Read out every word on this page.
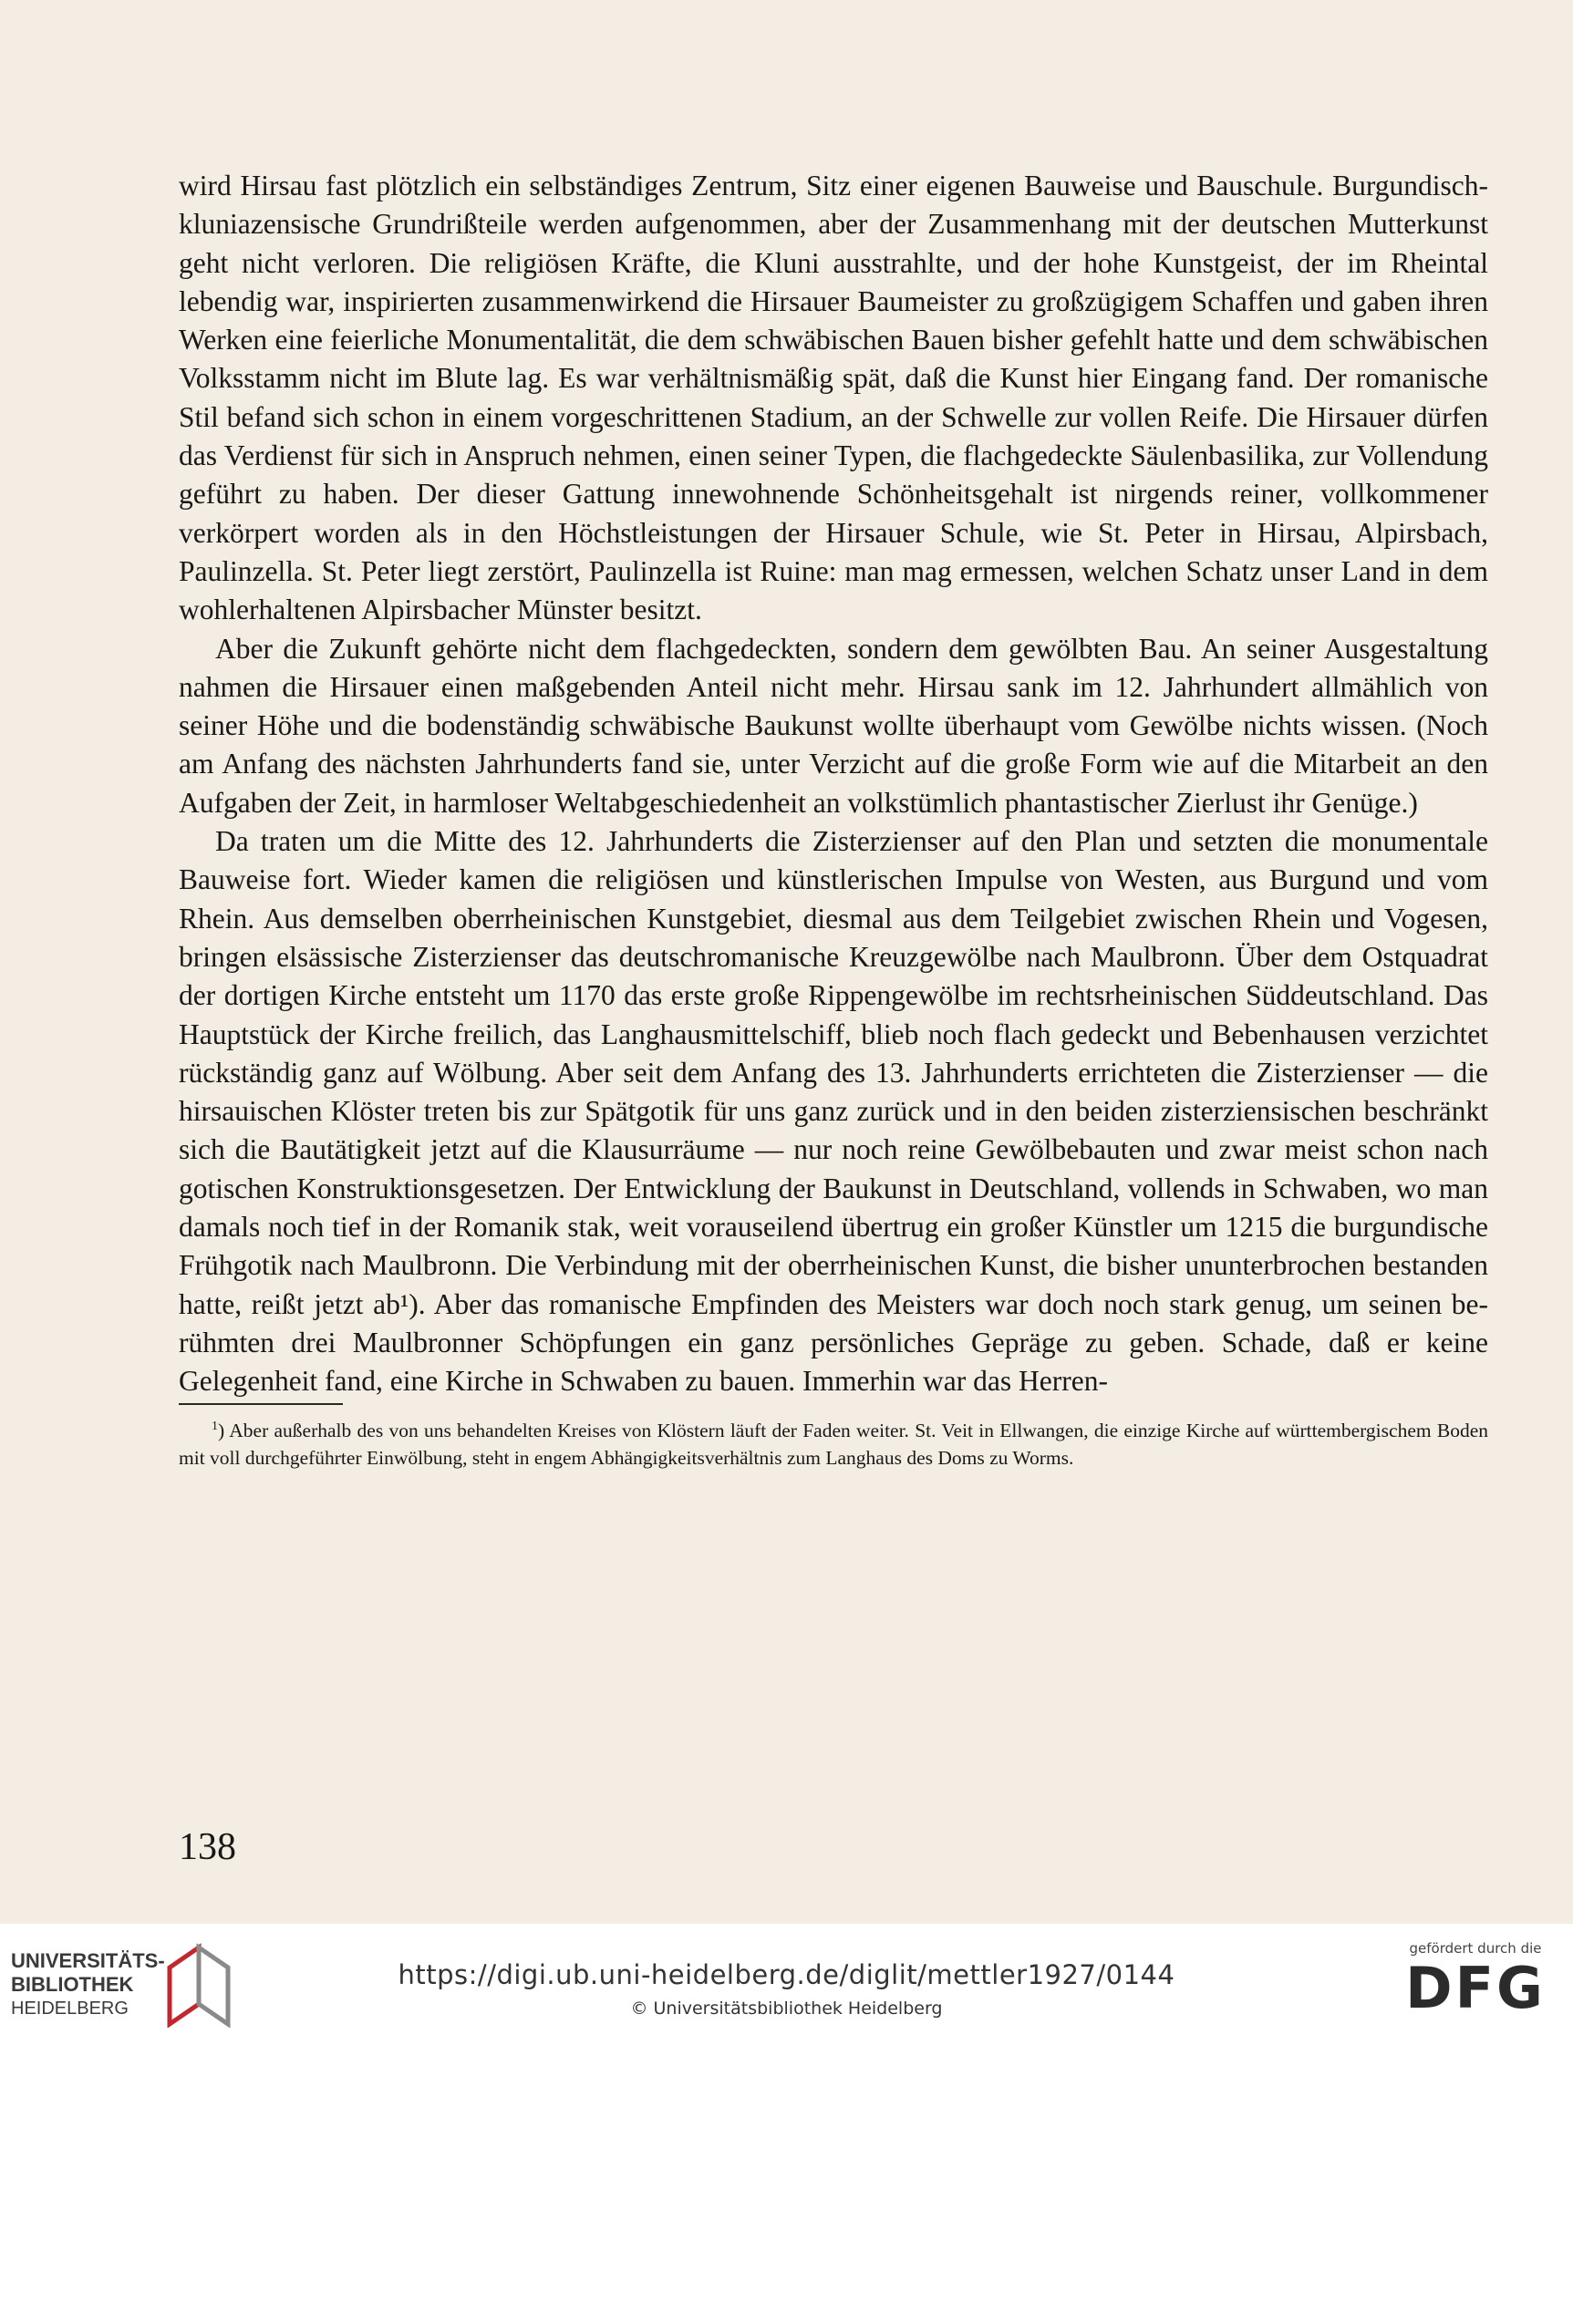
wird Hirsau fast plötzlich ein selbständiges Zentrum, Sitz einer eigenen Bauweise und Bauschule. Burgundisch-kluniazensische Grundrißteile werden aufgenommen, aber der Zusammenhang mit der deutschen Mutterkunst geht nicht verloren. Die religiösen Kräfte, die Kluni ausstrahlte, und der hohe Kunstgeist, der im Rheintal lebendig war, inspirierten zusammenwirkend die Hirsauer Baumeister zu großzügigem Schaffen und gaben ihren Werken eine feierliche Monumentalität, die dem schwäbischen Bauen bisher gefehlt hatte und dem schwäbischen Volksstamm nicht im Blute lag. Es war verhältnismäßig spät, daß die Kunst hier Eingang fand. Der romanische Stil befand sich schon in einem vorgeschrittenen Stadium, an der Schwelle zur vollen Reife. Die Hirsauer dürfen das Verdienst für sich in Anspruch nehmen, einen seiner Typen, die flachgedeckte Säulenbasilika, zur Vollendung geführt zu haben. Der dieser Gattung innewohnende Schönheitsgehalt ist nirgends reiner, vollkommener verkörpert worden als in den Höchstleistungen der Hirsauer Schule, wie St. Peter in Hirsau, Alpirsbach, Paulinzella. St. Peter liegt zerstört, Paulinzella ist Ruine: man mag ermessen, welchen Schatz unser Land in dem wohlerhaltenen Alpirsbacher Münster besitzt.

Aber die Zukunft gehörte nicht dem flachgedeckten, sondern dem gewölbten Bau. An seiner Ausgestaltung nahmen die Hirsauer einen maßgebenden Anteil nicht mehr. Hirsau sank im 12. Jahrhundert allmählich von seiner Höhe und die bodenständig schwäbische Baukunst wollte überhaupt vom Gewölbe nichts wissen. (Noch am Anfang des nächsten Jahrhunderts fand sie, unter Verzicht auf die große Form wie auf die Mitarbeit an den Aufgaben der Zeit, in harmloser Weltabgeschiedenheit an volkstümlich phantastischer Zierlust ihr Genüge.)

Da traten um die Mitte des 12. Jahrhunderts die Zisterzienser auf den Plan und setzten die monumentale Bauweise fort. Wieder kamen die religiösen und künstlerischen Impulse von Westen, aus Burgund und vom Rhein. Aus demselben oberrheinischen Kunstgebiet, diesmal aus dem Teilgebiet zwischen Rhein und Vogesen, bringen elsässische Zisterzienser das deutschromanische Kreuzgewölbe nach Maulbronn. Über dem Ostquadrat der dortigen Kirche entsteht um 1170 das erste große Rippengewölbe im rechtsrheinischen Süddeutschland. Das Hauptstück der Kirche freilich, das Langhausmittelschiff, blieb noch flach gedeckt und Bebenhausen verzichtet rückständig ganz auf Wölbung. Aber seit dem Anfang des 13. Jahrhunderts errichteten die Zisterzienser — die hirsauischen Klöster treten bis zur Spätgotik für uns ganz zurück und in den beiden zisterziensischen beschränkt sich die Bautätigkeit jetzt auf die Klausurräume — nur noch reine Gewölbebauten und zwar meist schon nach gotischen Konstruktionsgesetzen. Der Entwicklung der Baukunst in Deutschland, vollends in Schwaben, wo man damals noch tief in der Romanik stak, weit vorauseilend übertrug ein großer Künstler um 1215 die burgundische Frühgotik nach Maulbronn. Die Verbindung mit der oberrheinischen Kunst, die bisher ununterbrochen bestanden hatte, reißt jetzt ab¹). Aber das romanische Empfinden des Meisters war doch noch stark genug, um seinen berühmten drei Maulbronner Schöpfungen ein ganz persönliches Gepräge zu geben. Schade, daß er keine Gelegenheit fand, eine Kirche in Schwaben zu bauen. Immerhin war das Herren-

$^1$) Aber außerhalb des von uns behandelten Kreises von Klöstern läuft der Faden weiter. St. Veit in Ellwangen, die einzige Kirche auf württembergischem Boden mit voll durchgeführter Einwölbung, steht in engem Abhängigkeitsverhältnis zum Langhaus des Doms zu Worms.
138
UNIVERSITÄTS-
BIBLIOTHEK
HEIDELBERG
https://digi.ub.uni-heidelberg.de/diglit/mettler1927/0144
© Universitätsbibliothek Heidelberg
gefördert durch die
DFG
